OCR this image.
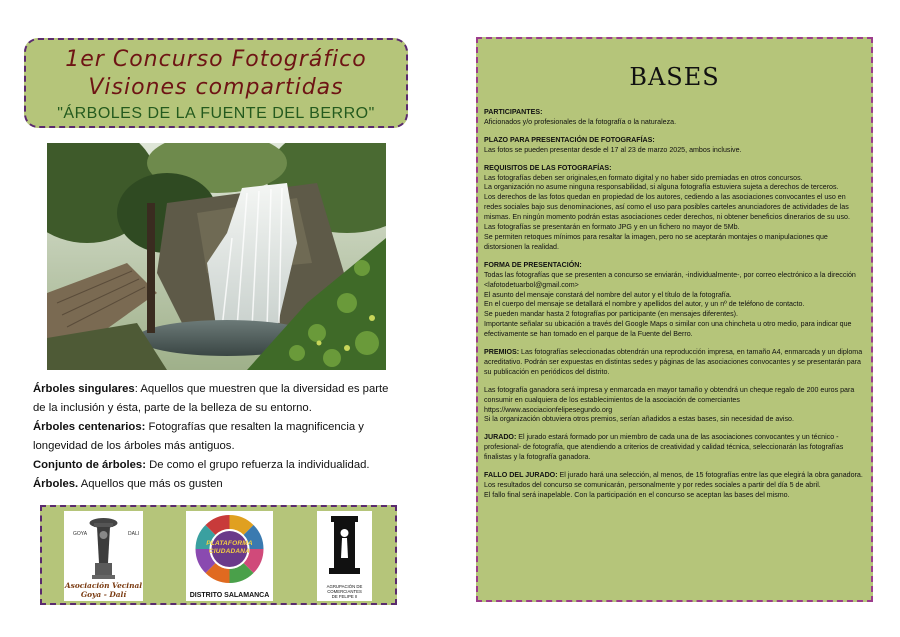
1er Concurso Fotográfico
Visiones compartidas
"ÁRBOLES DE LA FUENTE DEL BERRO"

Árboles singulares: Aquellos que muestren que la diversidad es parte de la inclusión y ésta, parte de la belleza de su entorno.

Árboles centenarios: Fotografías que resalten la magnificencia y longevidad de los árboles más antiguos.

Conjunto de árboles: De como el grupo refuerza la individualidad.

Árboles. Aquellos que más os gusten

GOYA	DALI
Asociación Vecinal
Goya - Dalí
PLATAFORMA CIUDADANA
DISTRITO SALAMANCA
AGRUPACIÓN DE
COMERCIANTES
DE FELIPE II
BASES
PARTICIPANTES:
Aficionados y/o profesionales de la fotografía o la naturaleza.
PLAZO PARA PRESENTACIÓN DE FOTOGRAFÍAS:
Las fotos se pueden presentar desde el 17 al 23 de marzo 2025, ambos inclusive.
REQUISITOS DE LAS FOTOGRAFÍAS:
Las fotografías deben ser originales,en formato digital y no haber sido premiadas en otros concursos.
La organización no asume ninguna responsabilidad, si alguna fotografía estuviera sujeta a derechos de terceros.
Los derechos de las fotos quedan en propiedad de los autores, cediendo a las asociaciones convocantes el uso en redes sociales bajo sus denominaciones, así como el uso para posibles carteles anunciadores de actividades de las mismas. En ningún momento podrán estas asociaciones ceder derechos, ni obtener beneficios dinerarios de su uso.
Las fotografías se presentarán en formato JPG y en un fichero no mayor de 5Mb.
Se permiten retoques mínimos para resaltar la imagen, pero no se aceptarán montajes o manipulaciones que distorsionen la realidad.
FORMA DE PRESENTACIÓN:
Todas las fotografías que se presenten a concurso se enviarán, -individualmente-, por correo electrónico a la dirección <lafotodetuarbol@gmail.com>
El asunto del mensaje constará del nombre del autor y el título de la fotografía.
En el cuerpo del mensaje se detallará el nombre y apellidos del autor, y un nº de teléfono de contacto.
Se pueden mandar hasta 2 fotografías por participante (en mensajes diferentes).
Importante señalar su ubicación a través del Google Maps o similar con una chincheta u otro medio, para indicar que efectivamente se han tomado en el parque de la Fuente del Berro.
PREMIOS: Las fotografías seleccionadas obtendrán una reproducción impresa, en tamaño A4, enmarcada y un diploma acreditativo. Podrán ser expuestas en distintas sedes y páginas de las asociaciones convocantes y se presentarán para su publicación en periódicos del distrito.
Las fotografía ganadora será impresa y enmarcada en mayor tamaño y obtendrá un cheque regalo de 200 euros para consumir en cualquiera de los establecimientos de la asociación de comerciantes https://www.asociacionfelipesegundo.org
Si la organización obtuviera otros premios, serían añadidos a estas bases, sin necesidad de aviso.
JURADO: El jurado estará formado por un miembro de cada una de las asociaciones convocantes y un técnico -profesional- de fotografía, que atendiendo a criterios de creatividad y calidad técnica, seleccionarán las fotografías finalistas y la fotografía ganadora.
FALLO DEL JURADO: El jurado hará una selección, al menos, de 15 fotografías entre las que elegirá la obra ganadora.
Los resultados del concurso se comunicarán, personalmente y por redes sociales a partir del día 5 de abril.
El fallo final será inapelable. Con la participación en el concurso se aceptan las bases del mismo.
